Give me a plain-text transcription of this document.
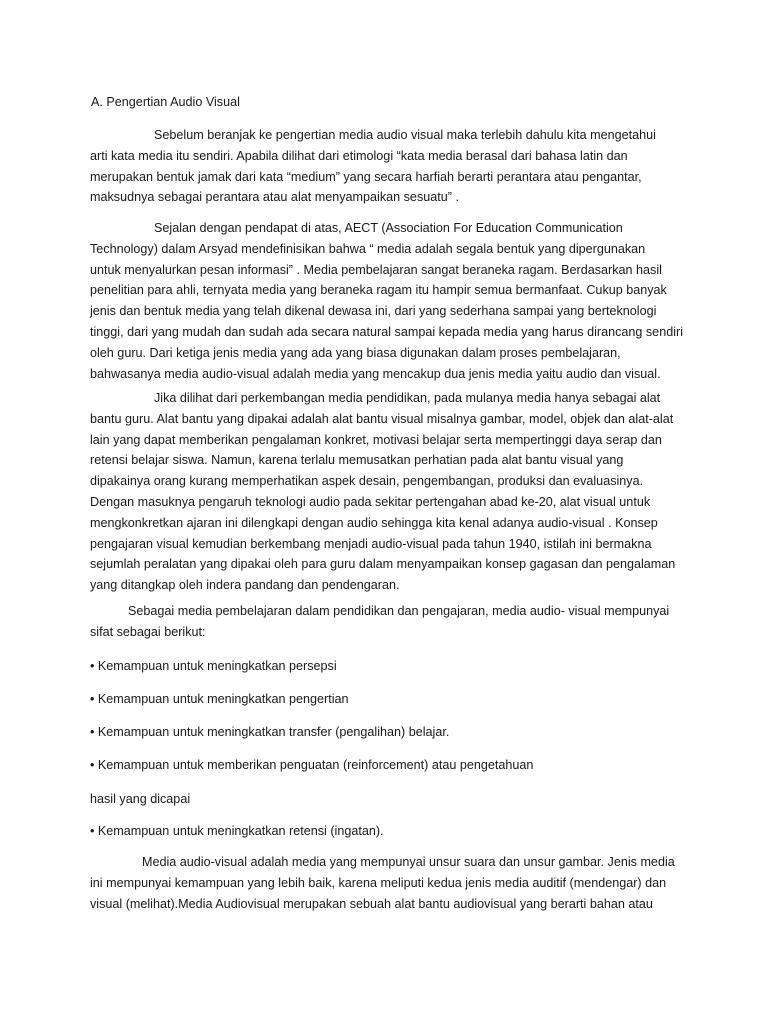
A. Pengertian Audio Visual
Sebelum beranjak ke pengertian media audio visual maka terlebih dahulu kita mengetahui
arti kata media itu sendiri. Apabila dilihat dari etimologi “kata media berasal dari bahasa latin dan
merupakan bentuk jamak dari kata “medium” yang secara harfiah berarti perantara atau pengantar,
maksudnya sebagai perantara atau alat menyampaikan sesuatu” .
Sejalan dengan pendapat di atas, AECT (Association For Education Communication
Technology) dalam Arsyad mendefinisikan bahwa “ media adalah segala bentuk yang dipergunakan
untuk menyalurkan pesan informasi” . Media pembelajaran sangat beraneka ragam. Berdasarkan hasil
penelitian para ahli, ternyata media yang beraneka ragam itu hampir semua bermanfaat. Cukup banyak
jenis dan bentuk media yang telah dikenal dewasa ini, dari yang sederhana sampai yang berteknologi
tinggi, dari yang mudah dan sudah ada secara natural sampai kepada media yang harus dirancang sendiri
oleh guru. Dari ketiga jenis media yang ada yang biasa digunakan dalam proses pembelajaran,
bahwasanya media audio-visual adalah media yang mencakup dua jenis media yaitu audio dan visual.
Jika dilihat dari perkembangan media pendidikan, pada mulanya media hanya sebagai alat
bantu guru. Alat bantu yang dipakai adalah alat bantu visual misalnya gambar, model, objek dan alat-alat
lain yang dapat memberikan pengalaman konkret, motivasi belajar serta mempertinggi daya serap dan
retensi belajar siswa. Namun, karena terlalu memusatkan perhatian pada alat bantu visual yang
dipakainya orang kurang memperhatikan aspek desain, pengembangan, produksi dan evaluasinya.
Dengan masuknya pengaruh teknologi audio pada sekitar pertengahan abad ke-20, alat visual untuk
mengkonkretkan ajaran ini dilengkapi dengan audio sehingga kita kenal adanya audio-visual . Konsep
pengajaran visual kemudian berkembang menjadi audio-visual pada tahun 1940, istilah ini bermakna
sejumlah peralatan yang dipakai oleh para guru dalam menyampaikan konsep gagasan dan pengalaman
yang ditangkap oleh indera pandang dan pendengaran.
Sebagai media pembelajaran dalam pendidikan dan pengajaran, media audio- visual mempunyai
sifat sebagai berikut:
• Kemampuan untuk meningkatkan persepsi
• Kemampuan untuk meningkatkan pengertian
• Kemampuan untuk meningkatkan transfer (pengalihan) belajar.
• Kemampuan untuk memberikan penguatan (reinforcement) atau pengetahuan
hasil yang dicapai
• Kemampuan untuk meningkatkan retensi (ingatan).
Media audio-visual adalah media yang mempunyai unsur suara dan unsur gambar. Jenis media
ini mempunyai kemampuan yang lebih baik, karena meliputi kedua jenis media auditif (mendengar) dan
visual (melihat).Media Audiovisual merupakan sebuah alat bantu audiovisual yang berarti bahan atau
